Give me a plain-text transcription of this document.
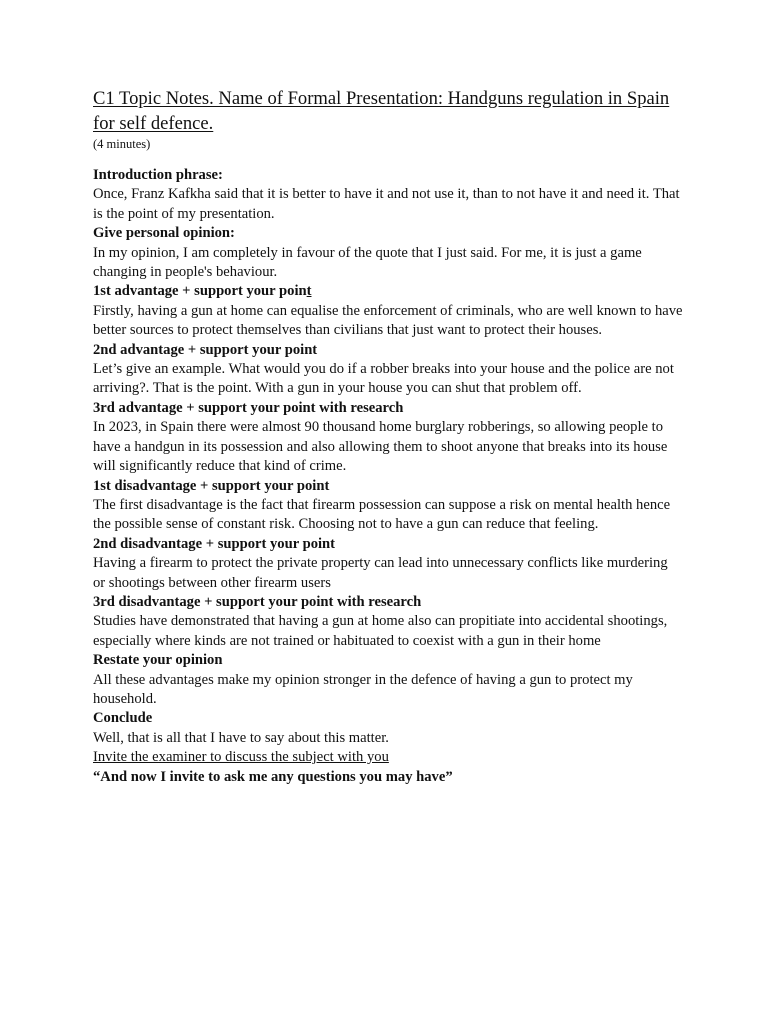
C1 Topic Notes. Name of Formal Presentation: Handguns regulation in Spain for self defence.

(4 minutes)

Introduction phrase:

Once, Franz Kafkha said that it is better to have it and not use it, than to not have it and need it. That is the point of my presentation.

Give personal opinion:

In my opinion, I am completely in favour of the quote that I just said. For me, it is just a game changing in people's behaviour.

1st advantage + support your point

Firstly, having a gun at home can equalise the enforcement of criminals, who are well known to have better sources to protect themselves than civilians that just want to protect their houses.

2nd advantage + support your point

Let’s give an example. What would you do if a robber breaks into your house and the police are not arriving?. That is the point. With a gun in your house you can shut that problem off.

3rd advantage + support your point with research

In 2023, in Spain there were almost 90 thousand home burglary robberings, so allowing people to have a handgun in its possession and also allowing them to shoot anyone that breaks into its house will significantly reduce that kind of crime.

1st disadvantage + support your point

The first disadvantage is the fact that firearm possession can suppose a risk on mental health hence the possible sense of constant risk. Choosing not to have a gun can reduce that feeling.

2nd disadvantage + support your point

Having a firearm to protect the private property can lead into unnecessary conflicts like murdering or shootings between other firearm users

3rd disadvantage + support your point with research

Studies have demonstrated that having a gun at home also can propitiate into accidental shootings, especially where kinds are not trained or habituated to coexist with a gun in their home

Restate your opinion

All these advantages make my opinion stronger in the defence of having a gun to protect my household.

Conclude

Well, that is all that I have to say about this matter.

Invite the examiner to discuss the subject with you

“And now I invite to ask me any questions you may have”
